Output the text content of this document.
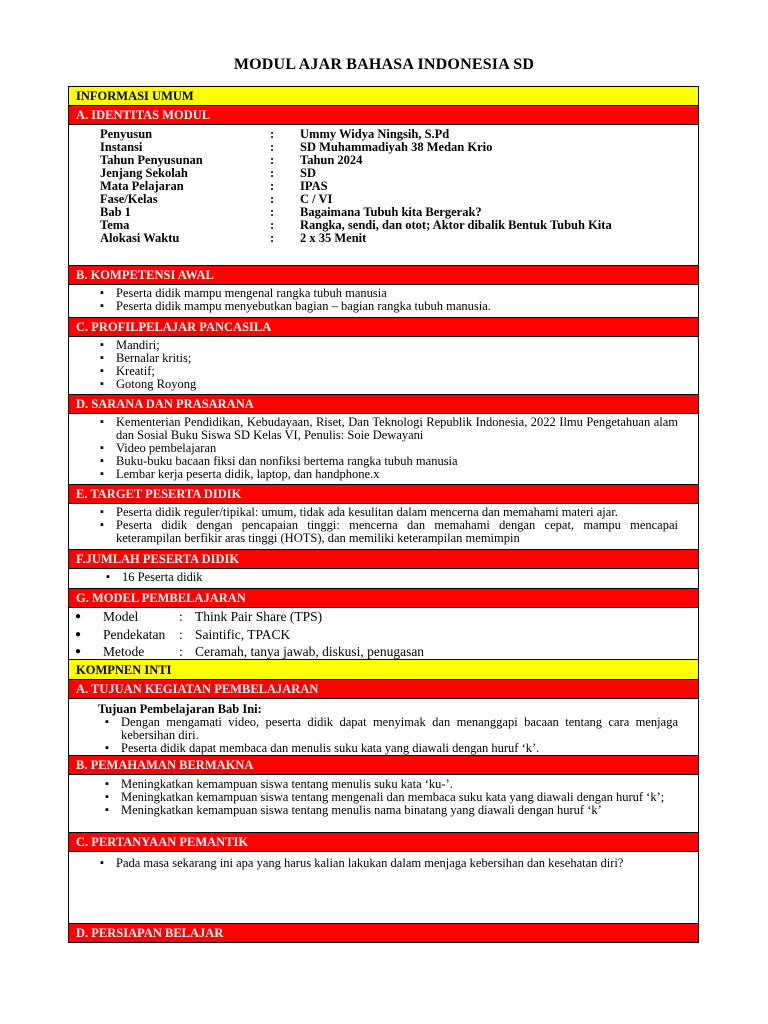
MODUL AJAR BAHASA INDONESIA SD
INFORMASI UMUM
A. IDENTITAS MODUL
Penyusun	:	Ummy Widya Ningsih, S.Pd
Instansi	:	SD Muhammadiyah 38 Medan Krio
Tahun Penyusunan	:	Tahun 2024
Jenjang Sekolah	:	SD
Mata Pelajaran	:	IPAS
Fase/Kelas	:	C / VI
Bab 1	:	Bagaimana Tubuh kita Bergerak?
Tema	:	Rangka, sendi, dan otot; Aktor dibalik Bentuk Tubuh Kita
Alokasi Waktu	:	2 x 35 Menit
B. KOMPETENSI AWAL
▪ Peserta didik mampu mengenal rangka tubuh manusia
▪ Peserta didik mampu menyebutkan bagian – bagian rangka tubuh manusia.
C. PROFILPELAJAR PANCASILA
▪ Mandiri;
▪ Bernalar kritis;
▪ Kreatif;
▪ Gotong Royong
D. SARANA DAN PRASARANA
▪ Kementerian Pendidikan, Kebudayaan, Riset, Dan Teknologi Republik Indonesia, 2022 Ilmu Pengetahuan alam dan Sosial Buku Siswa SD Kelas VI, Penulis: Soie Dewayani
▪ Video pembelajaran
▪ Buku-buku bacaan fiksi dan nonfiksi bertema rangka tubuh manusia
▪ Lembar kerja peserta didik, laptop, dan handphone.x
E. TARGET PESERTA DIDIK
▪ Peserta didik reguler/tipikal: umum, tidak ada kesulitan dalam mencerna dan memahami materi ajar.
▪ Peserta didik dengan pencapaian tinggi: mencerna dan memahami dengan cepat, mampu mencapai keterampilan berfikir aras tinggi (HOTS), dan memiliki keterampilan memimpin
F.JUMLAH PESERTA DIDIK
▪ 16 Peserta didik
G. MODEL PEMBELAJARAN
●	Model	: Think Pair Share (TPS)
●	Pendekatan	: Saintific, TPACK
●	Metode	: Ceramah, tanya jawab, diskusi, penugasan
KOMPNEN INTI
A. TUJUAN KEGIATAN PEMBELAJARAN
Tujuan Pembelajaran Bab Ini:
▪ Dengan mengamati video, peserta didik dapat menyimak dan menanggapi bacaan tentang cara menjaga kebersihan diri.
▪ Peserta didik dapat membaca dan menulis suku kata yang diawali dengan huruf ‘k’.
B. PEMAHAMAN BERMAKNA
▪ Meningkatkan kemampuan siswa tentang menulis suku kata ‘ku-’.
▪ Meningkatkan kemampuan siswa tentang mengenali dan membaca suku kata yang diawali dengan huruf ‘k’;
▪ Meningkatkan kemampuan siswa tentang menulis nama binatang yang diawali dengan huruf ‘k’
C. PERTANYAAN PEMANTIK
▪ Pada masa sekarang ini apa yang harus kalian lakukan dalam menjaga kebersihan dan kesehatan diri?
D. PERSIAPAN BELAJAR
